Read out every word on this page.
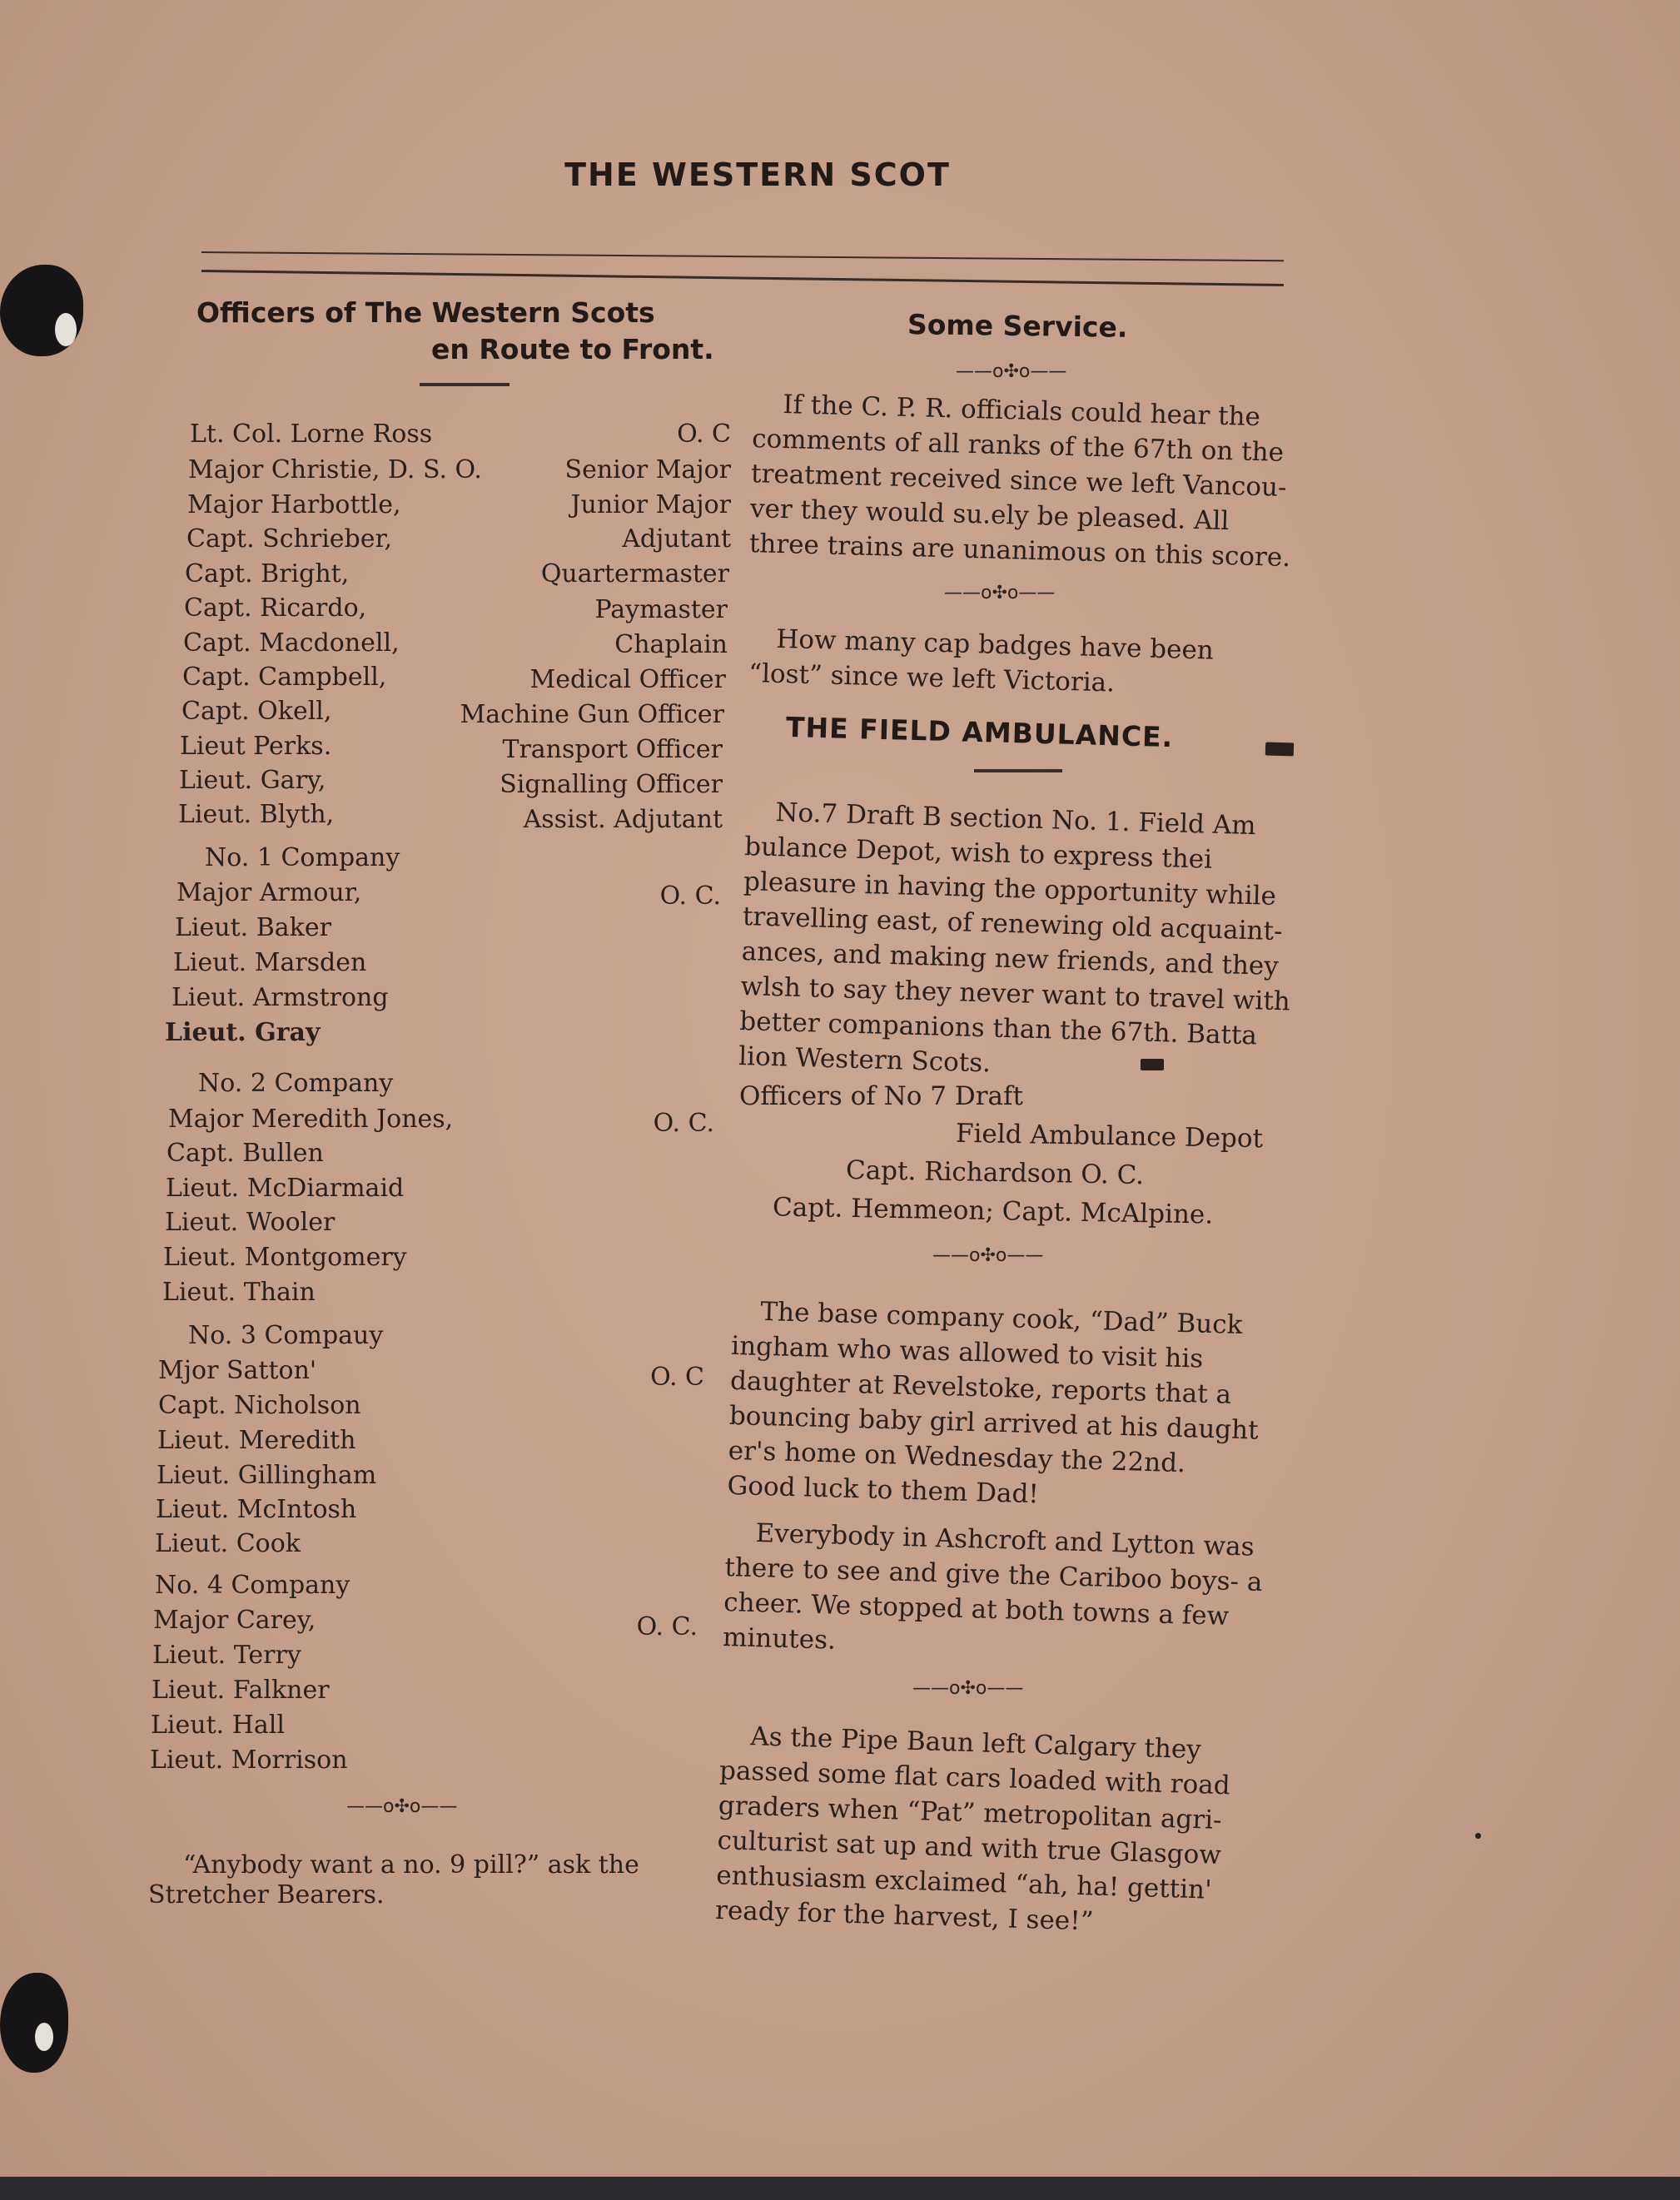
THE WESTERN SCOT
Officers of The Western Scots
en Route to Front.
Lt. Col. Lorne Ross	O. C
Major Christie, D. S. O.	Senior Major
Major Harbottle,	Junior Major
Capt. Schrieber,	Adjutant
Capt. Bright,	Quartermaster
Capt. Ricardo,	Paymaster
Capt. Macdonell,	Chaplain
Capt. Campbell,	Medical Officer
Capt. Okell,	Machine Gun Officer
Lieut Perks.	Transport Officer
Lieut. Gary,	Signalling Officer
Lieut. Blyth,	Assist. Adjutant
No. 1 Company
Major Armour,	O. C.
Lieut. Baker
Lieut. Marsden
Lieut. Armstrong
Lieut. Gray
No. 2 Company
Major Meredith Jones,	O. C.
Capt. Bullen
Lieut. McDiarmaid
Lieut. Wooler
Lieut. Montgomery
Lieut. Thain
No. 3 Compauy
Mjor Satton'	O. C
Capt. Nicholson
Lieut. Meredith
Lieut. Gillingham
Lieut. McIntosh
Lieut. Cook
No. 4 Company
Major Carey,	O. C.
Lieut. Terry
Lieut. Falkner
Lieut. Hall
Lieut. Morrison
——o✣o——
“Anybody want a no. 9 pill?” ask the
Stretcher Bearers.
Some Service.
——o✣o——
If the C. P. R. officials could hear the
comments of all ranks of the 67th on the
treatment received since we left Vancou-
ver they would su.ely be pleased. All
three trains are unanimous on this score.
——o✣o——
How many cap badges have been
“lost” since we left Victoria.
THE FIELD AMBULANCE.
No.7 Draft B section No. 1. Field Am
bulance Depot, wish to express thei
pleasure in having the opportunity while
travelling east, of renewing old acquaint-
ances, and making new friends, and they
wlsh to say they never want to travel with
better companions than the 67th. Batta
lion Western Scots.
Officers of No 7 Draft
Field Ambulance Depot
Capt. Richardson O. C.
Capt. Hemmeon; Capt. McAlpine.
——o✣o——
The base company cook, “Dad” Buck
ingham who was allowed to visit his
daughter at Revelstoke, reports that a
bouncing baby girl arrived at his daught
er's home on Wednesday the 22nd.
Good luck to them Dad!
Everybody in Ashcroft and Lytton was
there to see and give the Cariboo boys- a
cheer. We stopped at both towns a few
minutes.
——o✣o——
As the Pipe Baun left Calgary they
passed some flat cars loaded with road
graders when “Pat” metropolitan agri-
culturist sat up and with true Glasgow
enthusiasm exclaimed “ah, ha! gettin'
ready for the harvest, I see!”
